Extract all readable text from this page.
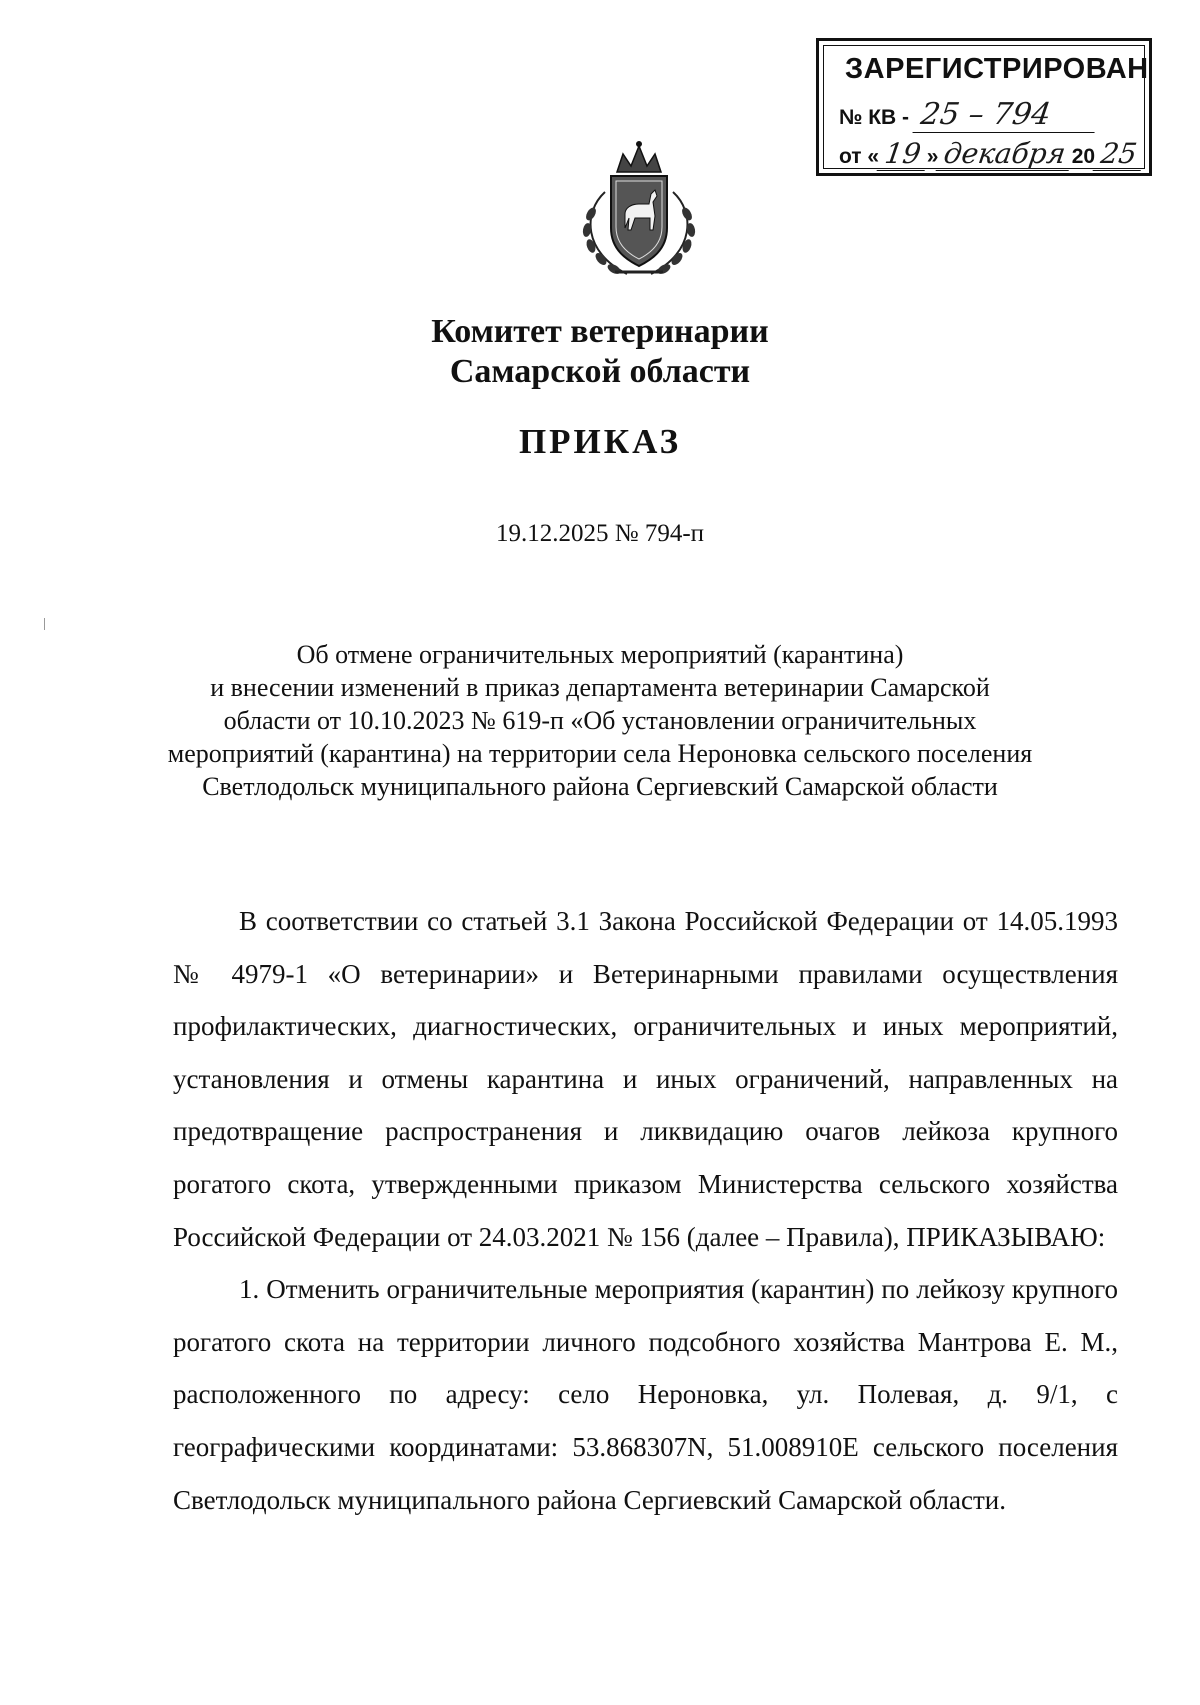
ЗАРЕГИСТРИРОВАН
№ КВ - 25 – 794
от « 19 » декабря 20 25
Комитет ветеринарии
Самарской области
ПРИКАЗ
19.12.2025 № 794-п
Об отмене ограничительных мероприятий (карантина)
и внесении изменений в приказ департамента ветеринарии Самарской
области от 10.10.2023 № 619-п «Об установлении ограничительных
мероприятий (карантина) на территории села Нероновка сельского поселения
Светлодольск муниципального района Сергиевский Самарской области

В соответствии со статьей 3.1 Закона Российской Федерации от 14.05.1993 № 4979-1 «О ветеринарии» и Ветеринарными правилами осуществления профилактических, диагностических, ограничительных и иных мероприятий, установления и отмены карантина и иных ограничений, направленных на предотвращение распространения и ликвидацию очагов лейкоза крупного рогатого скота, утвержденными приказом Министерства сельского хозяйства Российской Федерации от 24.03.2021 № 156 (далее – Правила), ПРИКАЗЫВАЮ:

1. Отменить ограничительные мероприятия (карантин) по лейкозу крупного рогатого скота на территории личного подсобного хозяйства Мантрова Е. М., расположенного по адресу: село Нероновка, ул. Полевая, д. 9/1, с географическими координатами: 53.868307N, 51.008910E сельского поселения Светлодольск муниципального района Сергиевский Самарской области.
